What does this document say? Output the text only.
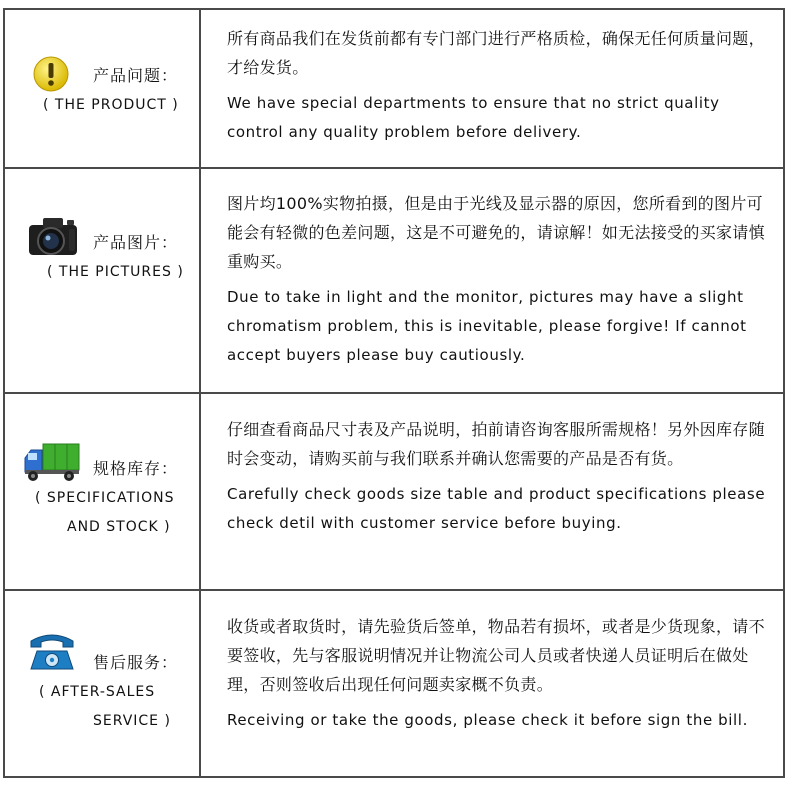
产品问题：
( THE PRODUCT )
所有商品我们在发货前都有专门部门进行严格质检，确保无任何质量问题，才给发货。
We have special departments to ensure that no strict quality control any quality problem before delivery.
产品图片：
( THE PICTURES )
图片均100%实物拍摄，但是由于光线及显示器的原因，您所看到的图片可能会有轻微的色差问题，这是不可避免的，请谅解！如无法接受的买家请慎重购买。
Due to take in light and the monitor, pictures may have a slight chromatism problem, this is inevitable, please forgive! If cannot accept buyers please buy cautiously.
规格库存：
( SPECIFICATIONS
AND STOCK )
仔细查看商品尺寸表及产品说明，拍前请咨询客服所需规格！另外因库存随时会变动，请购买前与我们联系并确认您需要的产品是否有货。
Carefully check goods size table and product specifications please check detil with customer service before buying.
售后服务：
( AFTER-SALES
SERVICE )
收货或者取货时，请先验货后签单，物品若有损坏，或者是少货现象，请不要签收，先与客服说明情况并让物流公司人员或者快递人员证明后在做处理，否则签收后出现任何问题卖家概不负责。
Receiving or take the goods, please check it before sign the bill.
